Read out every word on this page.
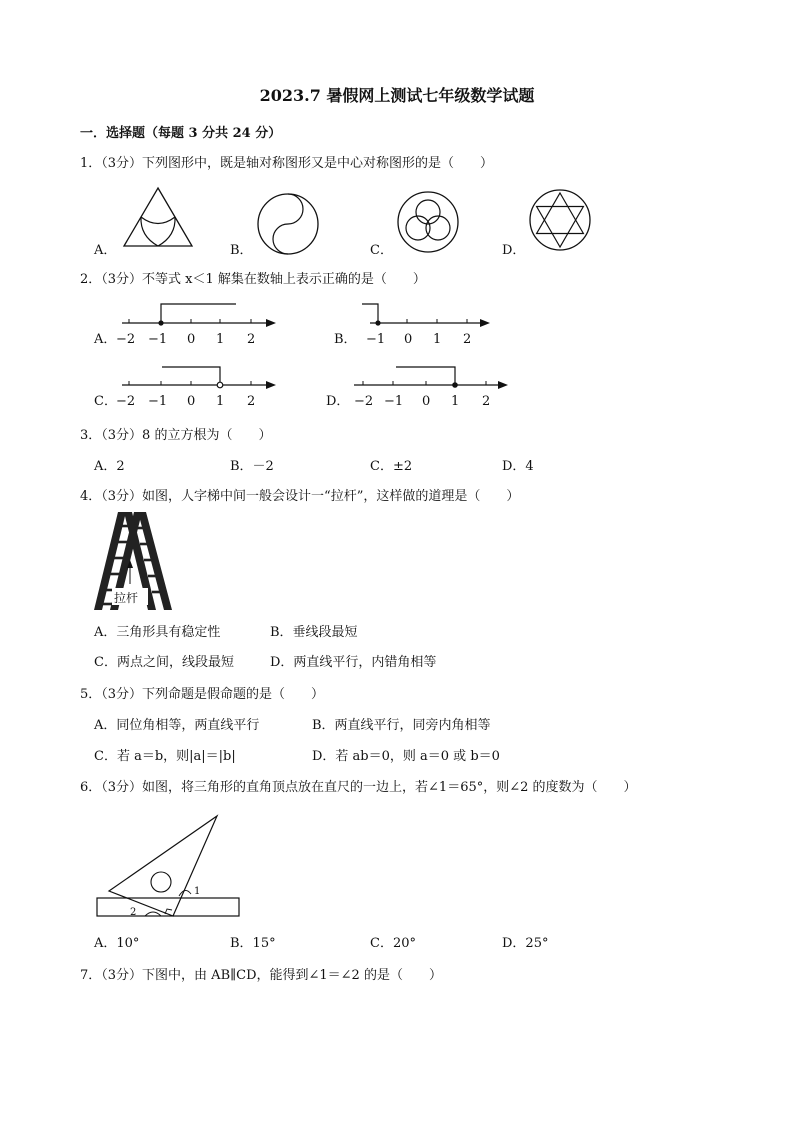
2023.7 暑假网上测试七年级数学试题
一．选择题（每题 3 分共 24 分）
1．（3分）下列图形中，既是轴对称图形又是中心对称图形的是（　　）
A．	B．	C．	D．
2．（3分）不等式 x＜1 解集在数轴上表示正确的是（　　）
A． −2 −1 0 1 2	B． −1 0 1 2
C． −2 −1 0 1 2	D． −2 −1 0 1 2
3．（3分）8 的立方根为（　　）
A．2	B．－2	C．±2	D．4
4．（3分）如图，人字梯中间一般会设计一“拉杆”，这样做的道理是（　　）
拉杆
A．三角形具有稳定性	B．垂线段最短
C．两点之间，线段最短	D．两直线平行，内错角相等
5．（3分）下列命题是假命题的是（　　）
A．同位角相等，两直线平行	B．两直线平行，同旁内角相等
C．若 a＝b，则|a|＝|b|	D．若 ab＝0，则 a＝0 或 b＝0
6．（3分）如图，将三角形的直角顶点放在直尺的一边上，若∠1＝65°，则∠2 的度数为（　　）
1
2
A．10°	B．15°	C．20°	D．25°
7．（3分）下图中，由 AB∥CD，能得到∠1＝∠2 的是（　　）
